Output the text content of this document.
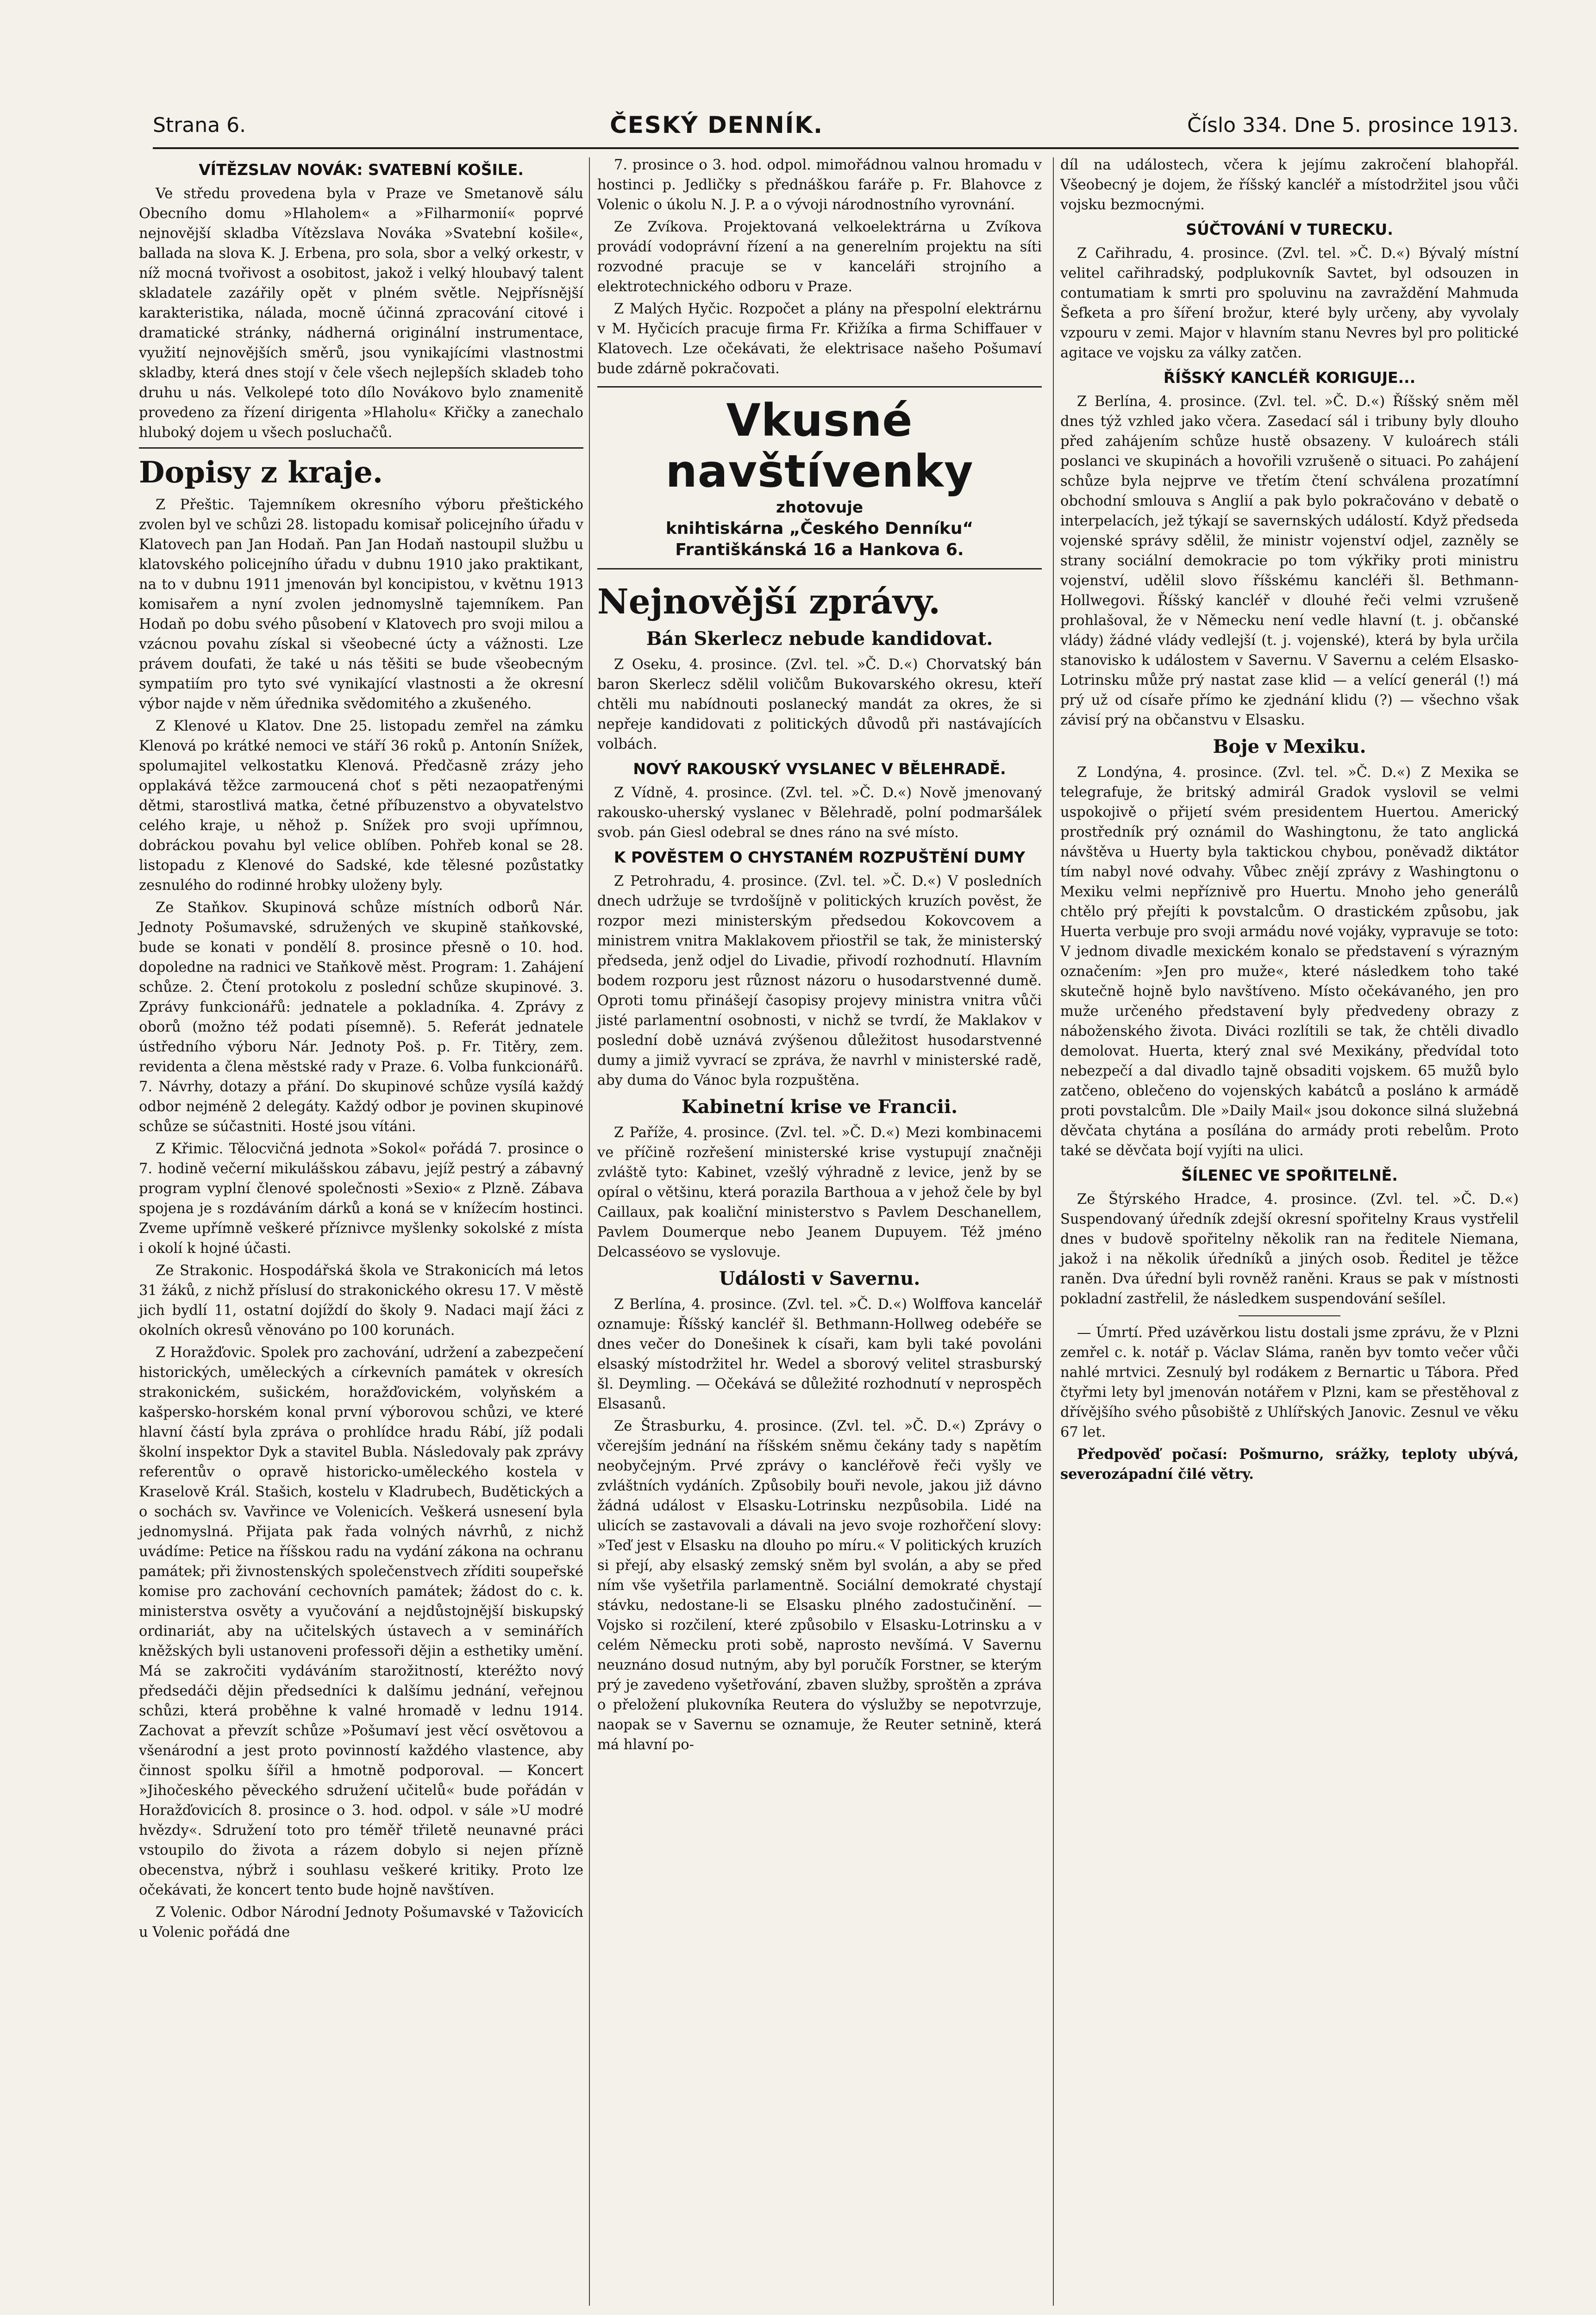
Strana 6.	ČESKÝ DENNÍK.	Číslo 334. Dne 5. prosince 1913.
VÍTĚZSLAV NOVÁK: SVATEBNÍ KOŠILE.

Ve středu provedena byla v Praze ve Smetanově sálu Obecního domu »Hlaholem« a »Filharmonií« poprvé nejnovější skladba Vítězslava Nováka »Svatební košile«, ballada na slova K. J. Erbena, pro sola, sbor a velký orkestr, v níž mocná tvořivost a osobitost, jakož i velký hloubavý talent skladatele zazářily opět v plném světle. Nejpřísnější karakteristika, nálada, mocně účinná zpracování citové i dramatické stránky, nádherná originální instrumentace, využití nejnovějších směrů, jsou vynikajícími vlastnostmi skladby, která dnes stojí v čele všech nejlepších skladeb toho druhu u nás. Velkolepé toto dílo Novákovo bylo znamenitě provedeno za řízení dirigenta »Hlaholu« Křičky a zanechalo hluboký dojem u všech posluchačů.

Dopisy z kraje.

Z Přeštic. Tajemníkem okresního výboru přeštického zvolen byl ve schůzi 28. listopadu komisař policejního úřadu v Klatovech pan Jan Hodaň. Pan Jan Hodaň nastoupil službu u klatovského policejního úřadu v dubnu 1910 jako praktikant, na to v dubnu 1911 jmenován byl koncipistou, v květnu 1913 komisařem a nyní zvolen jednomyslně tajemníkem. Pan Hodaň po dobu svého působení v Klatovech pro svoji milou a vzácnou povahu získal si všeobecné úcty a vážnosti. Lze právem doufati, že také u nás těšiti se bude všeobecným sympatiím pro tyto své vynikající vlastnosti a že okresní výbor najde v něm úřednika svědomitého a zkušeného.

Z Klenové u Klatov. Dne 25. listopadu zemřel na zámku Klenová po krátké nemoci ve stáří 36 roků p. Antonín Snížek, spolumajitel velkostatku Klenová. Předčasně zrázy jeho opplakává těžce zarmoucená choť s pěti nezaopatřenými dětmi, starostlivá matka, četné příbuzenstvo a obyvatelstvo celého kraje, u něhož p. Snížek pro svoji upřímnou, dobráckou povahu byl velice oblíben. Pohřeb konal se 28. listopadu z Klenové do Sadské, kde tělesné pozůstatky zesnulého do rodinné hrobky uloženy byly.

Ze Staňkov. Skupinová schůze místních odborů Nár. Jednoty Pošumavské, sdružených ve skupině staňkovské, bude se konati v pondělí 8. prosince přesně o 10. hod. dopoledne na radnici ve Staňkově měst. Program: 1. Zahájení schůze. 2. Čtení protokolu z poslední schůze skupinové. 3. Zprávy funkcionářů: jednatele a pokladníka. 4. Zprávy z oborů (možno též podati písemně). 5. Referát jednatele ústředního výboru Nár. Jednoty Poš. p. Fr. Titěry, zem. revidenta a člena městské rady v Praze. 6. Volba funkcionářů. 7. Návrhy, dotazy a přání. Do skupinové schůze vysílá každý odbor nejméně 2 delegáty. Každý odbor je povinen skupinové schůze se súčastniti. Hosté jsou vítáni.

Z Křimic. Tělocvičná jednota »Sokol« pořádá 7. prosince o 7. hodině večerní mikulášskou zábavu, jejíž pestrý a zábavný program vyplní členové společnosti »Sexio« z Plzně. Zábava spojena je s rozdáváním dárků a koná se v knížecím hostinci. Zveme upřímně veškeré příznivce myšlenky sokolské z místa i okolí k hojné účasti.

Ze Strakonic. Hospodářská škola ve Strakonicích má letos 31 žáků, z nichž příslusí do strakonického okresu 17. V městě jich bydlí 11, ostatní dojíždí do školy 9. Nadaci mají žáci z okolních okresů věnováno po 100 korunách.

Z Horažďovic. Spolek pro zachování, udržení a zabezpečení historických, uměleckých a církevních památek v okresích strakonickém, sušickém, horažďovickém, volyňském a kašpersko-horském konal první výborovou schůzi, ve které hlavní částí byla zpráva o prohlídce hradu Rábí, jíž podali školní inspektor Dyk a stavitel Bubla. Následovaly pak zprávy referentův o opravě historicko-uměleckého kostela v Kraselově Král. Stašich, kostelu v Kladrubech, Budětických a o sochách sv. Vavřince ve Volenicích. Veškerá usnesení byla jednomyslná. Přijata pak řada volných návrhů, z nichž uvádíme: Petice na říšskou radu na vydání zákona na ochranu památek; při živnostenských společenstvech zříditi soupeřské komise pro zachování cechovních památek; žádost do c. k. ministerstva osvěty a vyučování a nejdůstojnější biskupský ordinariát, aby na učitelských ústavech a v seminářích kněžských byli ustanoveni professoři dějin a esthetiky umění. Má se zakročiti vydáváním starožitností, kteréžto nový předsedáči dějin předsedníci k dalšímu jednání, veřejnou schůzi, která proběhne k valné hromadě v lednu 1914. Zachovat a převzít schůze »Pošumaví jest věcí osvětovou a všenárodní a jest proto povinností každého vlastence, aby činnost spolku šířil a hmotně podporoval. — Koncert »Jihočeského pěveckého sdružení učitelů« bude pořádán v Horažďovicích 8. prosince o 3. hod. odpol. v sále »U modré hvězdy«. Sdružení toto pro téměř třiletě neunavné práci vstoupilo do života a rázem dobylo si nejen přízně obecenstva, nýbrž i souhlasu veškeré kritiky. Proto lze očekávati, že koncert tento bude hojně navštíven.

Z Volenic. Odbor Národní Jednoty Pošumavské v Tažovicích u Volenic pořádá dne

7. prosince o 3. hod. odpol. mimořádnou valnou hromadu v hostinci p. Jedličky s přednáškou faráře p. Fr. Blahovce z Volenic o úkolu N. J. P. a o vývoji národnostního vyrovnání.

Ze Zvíkova. Projektovaná velkoelektrárna u Zvíkova provádí vodoprávní řízení a na generelním projektu na síti rozvodné pracuje se v kanceláři strojního a elektrotechnického odboru v Praze.

Z Malých Hyčic. Rozpočet a plány na přespolní elektrárnu v M. Hyčicích pracuje firma Fr. Křižíka a firma Schiffauer v Klatovech. Lze očekávati, že elektrisace našeho Pošumaví bude zdárně pokračovati.

Vkusné navštívenky
zhotovuje
knihtiskárna „Českého Denníku“
Františkánská 16 a Hankova 6.
Nejnovější zprávy.
Bán Skerlecz nebude kandidovat.

Z Oseku, 4. prosince. (Zvl. tel. »Č. D.«) Chorvatský bán baron Skerlecz sdělil voličům Bukovarského okresu, kteří chtěli mu nabídnouti poslanecký mandát za okres, že si nepřeje kandidovati z politických důvodů při nastávajících volbách.

NOVÝ RAKOUSKÝ VYSLANEC V BĚLEHRADĚ.

Z Vídně, 4. prosince. (Zvl. tel. »Č. D.«) Nově jmenovaný rakousko-uherský vyslanec v Bělehradě, polní podmaršálek svob. pán Giesl odebral se dnes ráno na své místo.

K POVĚSTEM O CHYSTANÉM ROZPUŠTĚNÍ DUMY

Z Petrohradu, 4. prosince. (Zvl. tel. »Č. D.«) V posledních dnech udržuje se tvrdošíjně v politických kruzích pověst, že rozpor mezi ministerským předsedou Kokovcovem a ministrem vnitra Maklakovem přiostřil se tak, že ministerský předseda, jenž odjel do Livadie, přivodí rozhodnutí. Hlavním bodem rozporu jest různost názoru o husodarstvenné dumě. Oproti tomu přinášejí časopisy projevy ministra vnitra vůči jisté parlamentní osobnosti, v nichž se tvrdí, že Maklakov v poslední době uznává zvýšenou důležitost husodarstvenné dumy a jimiž vyvrací se zpráva, že navrhl v ministerské radě, aby duma do Vánoc byla rozpuštěna.

Kabinetní krise ve Francii.

Z Paříže, 4. prosince. (Zvl. tel. »Č. D.«) Mezi kombinacemi ve příčině rozřešení ministerské krise vystupují značněji zvláště tyto: Kabinet, vzešlý výhradně z levice, jenž by se opíral o většinu, která porazila Barthoua a v jehož čele by byl Caillaux, pak koaliční ministerstvo s Pavlem Deschanellem, Pavlem Doumerque nebo Jeanem Dupuyem. Též jméno Delcasséovo se vyslovuje.

Události v Savernu.

Z Berlína, 4. prosince. (Zvl. tel. »Č. D.«) Wolffova kancelář oznamuje: Říšský kancléř šl. Bethmann-Hollweg odebéře se dnes večer do Donešinek k císaři, kam byli také povoláni elsaský místodržitel hr. Wedel a sborový velitel strasburský šl. Deymling. — Očekává se důležité rozhodnutí v neprospěch Elsasanů.

Ze Štrasburku, 4. prosince. (Zvl. tel. »Č. D.«) Zprávy o včerejším jednání na říšském sněmu čekány tady s napětím neobyčejným. Prvé zprávy o kancléřově řeči vyšly ve zvláštních vydáních. Způsobily bouři nevole, jakou již dávno žádná událost v Elsasku-Lotrinsku nezpůsobila. Lidé na ulicích se zastavovali a dávali na jevo svoje rozhořčení slovy: »Teď jest v Elsasku na dlouho po míru.« V politických kruzích si přejí, aby elsaský zemský sněm byl svolán, a aby se před ním vše vyšetřila parlamentně. Sociální demokraté chystají stávku, nedostane-li se Elsasku plného zadostučinění. — Vojsko si rozčilení, které způsobilo v Elsasku-Lotrinsku a v celém Německu proti sobě, naprosto nevšímá. V Savernu neuznáno dosud nutným, aby byl poručík Forstner, se kterým prý je zavedeno vyšetřování, zbaven služby, sproštěn a zpráva o přeložení plukovníka Reutera do výslužby se nepotvrzuje, naopak se v Savernu se oznamuje, že Reuter setnině, která má hlavní po-

díl na událostech, včera k jejímu zakročení blahopřál. Všeobecný je dojem, že říšský kancléř a místodržitel jsou vůči vojsku bezmocnými.

SÚČTOVÁNÍ V TURECKU.

Z Cařihradu, 4. prosince. (Zvl. tel. »Č. D.«) Bývalý místní velitel cařihradský, podplukovník Savtet, byl odsouzen in contumatiam k smrti pro spoluvinu na zavraždění Mahmuda Šefketa a pro šíření brožur, které byly určeny, aby vyvolaly vzpouru v zemi. Major v hlavním stanu Nevres byl pro politické agitace ve vojsku za války zatčen.

ŘÍŠSKÝ KANCLÉŘ KORIGUJE...

Z Berlína, 4. prosince. (Zvl. tel. »Č. D.«) Říšský sněm měl dnes týž vzhled jako včera. Zasedací sál i tribuny byly dlouho před zahájením schůze hustě obsazeny. V kuloárech stáli poslanci ve skupinách a hovořili vzrušeně o situaci. Po zahájení schůze byla nejprve ve třetím čtení schválena prozatímní obchodní smlouva s Anglií a pak bylo pokračováno v debatě o interpelacích, jež týkají se savernských událostí. Když předseda vojenské správy sdělil, že ministr vojenství odjel, zazněly se strany sociální demokracie po tom výkřiky proti ministru vojenství, udělil slovo říšskému kancléři šl. Bethmann-Hollwegovi. Říšský kancléř v dlouhé řeči velmi vzrušeně prohlašoval, že v Německu není vedle hlavní (t. j. občanské vlády) žádné vlády vedlejší (t. j. vojenské), která by byla určila stanovisko k událostem v Savernu. V Savernu a celém Elsasko-Lotrinsku může prý nastat zase klid — a velící generál (!) má prý už od císaře přímo ke zjednání klidu (?) — všechno však závisí prý na občanstvu v Elsasku.

Boje v Mexiku.

Z Londýna, 4. prosince. (Zvl. tel. »Č. D.«) Z Mexika se telegrafuje, že britský admirál Gradok vyslovil se velmi uspokojivě o přijetí svém presidentem Huertou. Americký prostředník prý oznámil do Washingtonu, že tato anglická návštěva u Huerty byla taktickou chybou, poněvadž diktátor tím nabyl nové odvahy. Vůbec znějí zprávy z Washingtonu o Mexiku velmi nepříznivě pro Huertu. Mnoho jeho generálů chtělo prý přejíti k povstalcům. O drastickém způsobu, jak Huerta verbuje pro svoji armádu nové vojáky, vypravuje se toto: V jednom divadle mexickém konalo se představení s výrazným označením: »Jen pro muže«, které následkem toho také skutečně hojně bylo navštíveno. Místo očekávaného, jen pro muže určeného představení byly předvedeny obrazy z náboženského života. Diváci rozlítili se tak, že chtěli divadlo demolovat. Huerta, který znal své Mexikány, předvídal toto nebezpečí a dal divadlo tajně obsaditi vojskem. 65 mužů bylo zatčeno, oblečeno do vojenských kabátců a posláno k armádě proti povstalcům. Dle »Daily Mail« jsou dokonce silná služebná děvčata chytána a posílána do armády proti rebelům. Proto také se děvčata bojí vyjíti na ulici.

ŠÍLENEC VE SPOŘITELNĚ.

Ze Štýrského Hradce, 4. prosince. (Zvl. tel. »Č. D.«) Suspendovaný úředník zdejší okresní spořitelny Kraus vystřelil dnes v budově spořitelny několik ran na ředitele Niemana, jakož i na několik úředníků a jiných osob. Ředitel je těžce raněn. Dva úřední byli rovněž raněni. Kraus se pak v místnosti pokladní zastřelil, že následkem suspendování sešílel.

— Úmrtí. Před uzávěrkou listu dostali jsme zprávu, že v Plzni zemřel c. k. notář p. Václav Sláma, raněn byv tomto večer vůči nahlé mrtvici. Zesnulý byl rodákem z Bernartic u Tábora. Před čtyřmi lety byl jmenován notářem v Plzni, kam se přestěhoval z dřívějšího svého působiště z Uhlířských Janovic. Zesnul ve věku 67 let.

Předpověď počasí: Pošmurno, srážky, teploty ubývá, severozápadní čilé větry.
